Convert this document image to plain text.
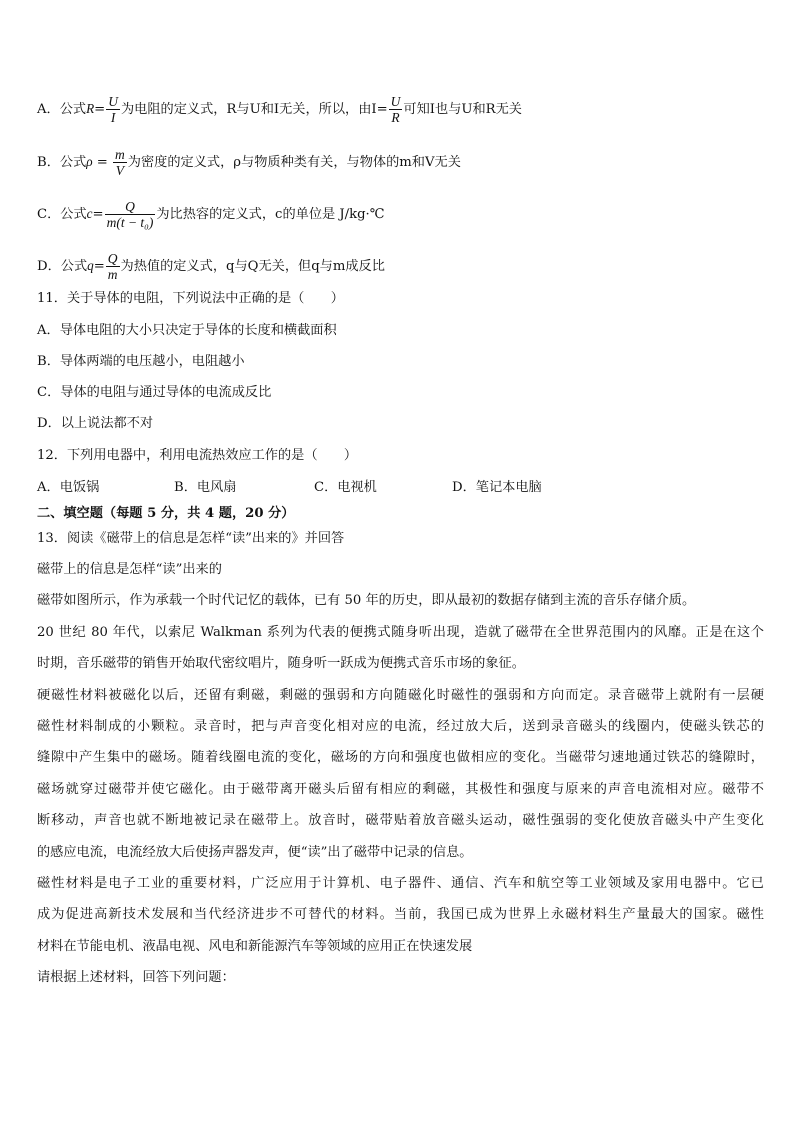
A．公式$R= \frac{U}{I}$ 为电阻的定义式，R与U和I无关，所以，由$I= \frac{U}{R}$ 可知I也与U和R无关
B．公式$\rho = \frac{m}{V}$ 为密度的定义式，ρ与物质种类有关，与物体的m和V无关
C．公式$c= \frac{Q}{\text{m(t − t₀)}}$ 为比热容的定义式，c的单位是 J/kg·℃
D．公式$q= \frac{Q}{m}$ 为热值的定义式，q与Q无关，但q与m成反比
11．关于导体的电阻，下列说法中正确的是（　　）
A．导体电阻的大小只决定于导体的长度和横截面积
B．导体两端的电压越小，电阻越小
C．导体的电阻与通过导体的电流成反比
D．以上说法都不对
12．下列用电器中，利用电流热效应工作的是（　　）
A．电饭锅	B．电风扇	C．电视机	D．笔记本电脑
二、填空题（每题 5 分，共 4 题，20 分）
13．阅读《磁带上的信息是怎样“读”出来的》并回答
磁带上的信息是怎样“读”出来的
磁带如图所示，作为承载一个时代记忆的载体，已有 50 年的历史，即从最初的数据存储到主流的音乐存储介质。
20 世纪 80 年代，以索尼 Walkman 系列为代表的便携式随身听出现，造就了磁带在全世界范围内的风靡。正是在这个
时期，音乐磁带的销售开始取代密纹唱片，随身听一跃成为便携式音乐市场的象征。
硬磁性材料被磁化以后，还留有剩磁，剩磁的强弱和方向随磁化时磁性的强弱和方向而定。录音磁带上就附有一层硬
磁性材料制成的小颗粒。录音时，把与声音变化相对应的电流，经过放大后，送到录音磁头的线圈内，使磁头铁芯的
缝隙中产生集中的磁场。随着线圈电流的变化，磁场的方向和强度也做相应的变化。当磁带匀速地通过铁芯的缝隙时，
磁场就穿过磁带并使它磁化。由于磁带离开磁头后留有相应的剩磁，其极性和强度与原来的声音电流相对应。磁带不
断移动，声音也就不断地被记录在磁带上。放音时，磁带贴着放音磁头运动，磁性强弱的变化使放音磁头中产生变化
的感应电流，电流经放大后使扬声器发声，便“读”出了磁带中记录的信息。
磁性材料是电子工业的重要材料，广泛应用于计算机、电子器件、通信、汽车和航空等工业领域及家用电器中。它已
成为促进高新技术发展和当代经济进步不可替代的材料。当前，我国已成为世界上永磁材料生产量最大的国家。磁性
材料在节能电机、液晶电视、风电和新能源汽车等领域的应用正在快速发展
请根据上述材料，回答下列问题：
